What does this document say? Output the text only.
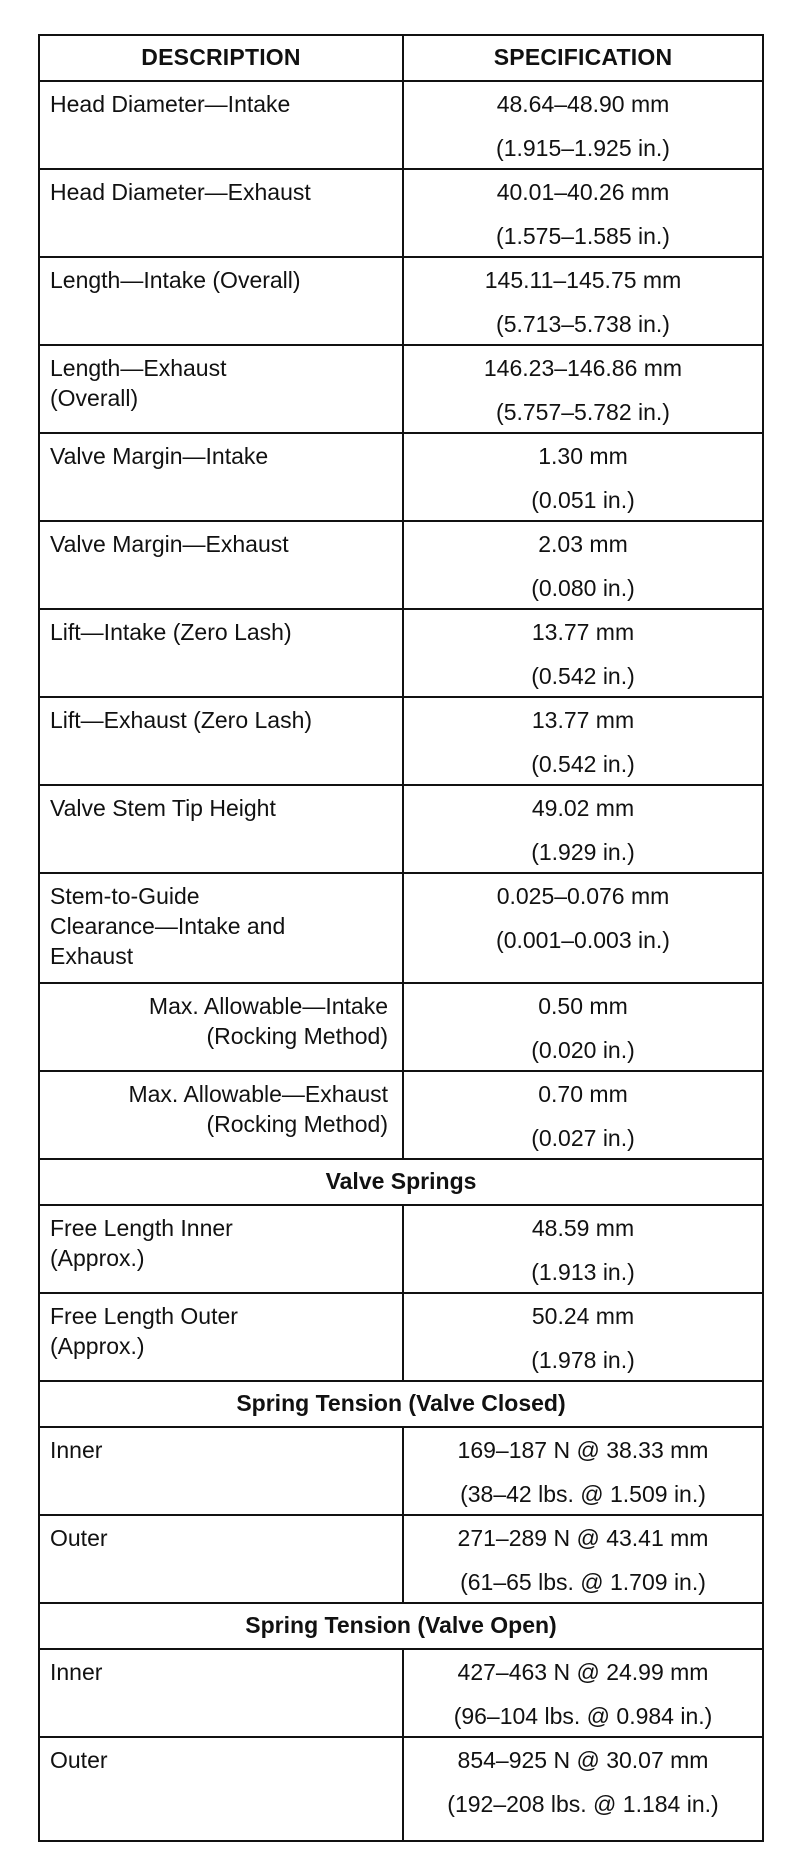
DESCRIPTION	SPECIFICATION

Head Diameter—Intake	48.64–48.90 mm
(1.915–1.925 in.)

Head Diameter—Exhaust	40.01–40.26 mm
(1.575–1.585 in.)

Length—Intake (Overall)	145.11–145.75 mm
(5.713–5.738 in.)

Length—Exhaust
(Overall)	146.23–146.86 mm
(5.757–5.782 in.)

Valve Margin—Intake	1.30 mm
(0.051 in.)

Valve Margin—Exhaust	2.03 mm
(0.080 in.)

Lift—Intake (Zero Lash)	13.77 mm
(0.542 in.)

Lift—Exhaust (Zero Lash)	13.77 mm
(0.542 in.)

Valve Stem Tip Height	49.02 mm
(1.929 in.)

Stem-to-Guide
Clearance—Intake and
Exhaust	0.025–0.076 mm
(0.001–0.003 in.)

Max. Allowable—Intake
(Rocking Method)	0.50 mm
(0.020 in.)

Max. Allowable—Exhaust
(Rocking Method)	0.70 mm
(0.027 in.)

Valve Springs	

Free Length Inner
(Approx.)	48.59 mm
(1.913 in.)

Free Length Outer
(Approx.)	50.24 mm
(1.978 in.)

Spring Tension (Valve Closed)	

Inner	169–187 N @ 38.33 mm
(38–42 lbs. @ 1.509 in.)

Outer	271–289 N @ 43.41 mm
(61–65 lbs. @ 1.709 in.)

Spring Tension (Valve Open)	

Inner	427–463 N @ 24.99 mm
(96–104 lbs. @ 0.984 in.)

Outer	854–925 N @ 30.07 mm
(192–208 lbs. @ 1.184 in.)
